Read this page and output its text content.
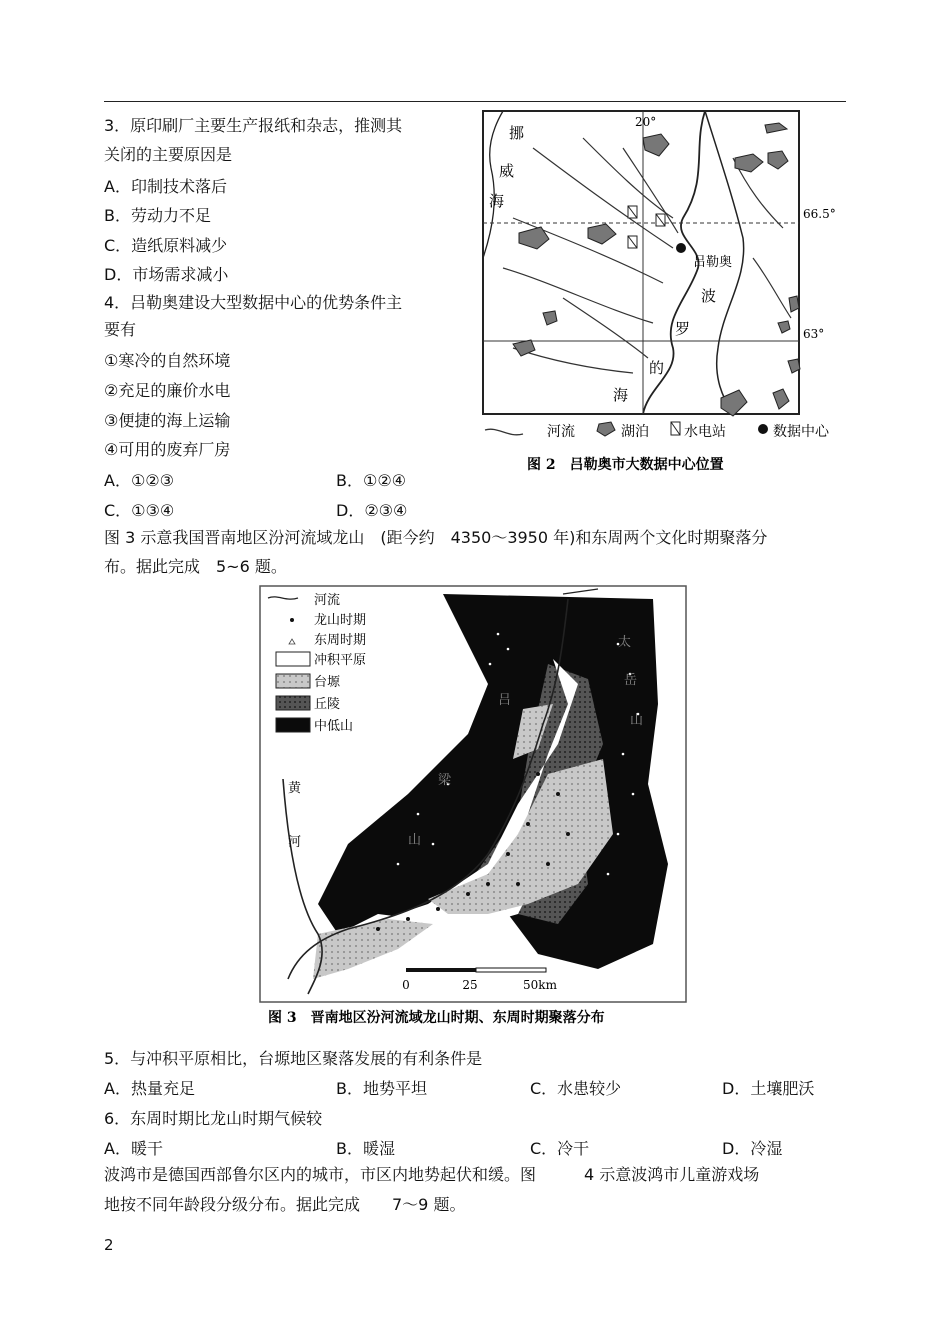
3．原印刷厂主要生产报纸和杂志，推测其
关闭的主要原因是
A．印制技术落后
B．劳动力不足
C．造纸原料减少
D．市场需求减小
4．吕勒奥建设大型数据中心的优势条件主
要有
①寒冷的自然环境
②充足的廉价水电
③便捷的海上运输
④可用的废弃厂房
A．①②③	B．①②④
C．①③④	D．②③④
20°
66.5°
63°
挪
威
海
吕勒奥
波
罗
的
海
河流	湖泊	水电站	数据中心
图 2　吕勒奥市大数据中心位置
图 3 示意我国晋南地区汾河流域龙山　(距今约　4350～3950 年)和东周两个文化时期聚落分
布。据此完成　5~6 题。
0	25	50km
黄
河
吕
梁
山
太
岳
山
河流
龙山时期
东周时期
冲积平原
台塬
丘陵
中低山
图 3　晋南地区汾河流域龙山时期、东周时期聚落分布
5．与冲积平原相比，台塬地区聚落发展的有利条件是
A．热量充足	B．地势平坦	C．水患较少	D．土壤肥沃
6．东周时期比龙山时期气候较
A．暖干	B．暖湿	C．冷干	D．冷湿
波鸿市是德国西部鲁尔区内的城市，市区内地势起伏和缓。图　　　4 示意波鸿市儿童游戏场
地按不同年龄段分级分布。据此完成　　7～9 题。
2
